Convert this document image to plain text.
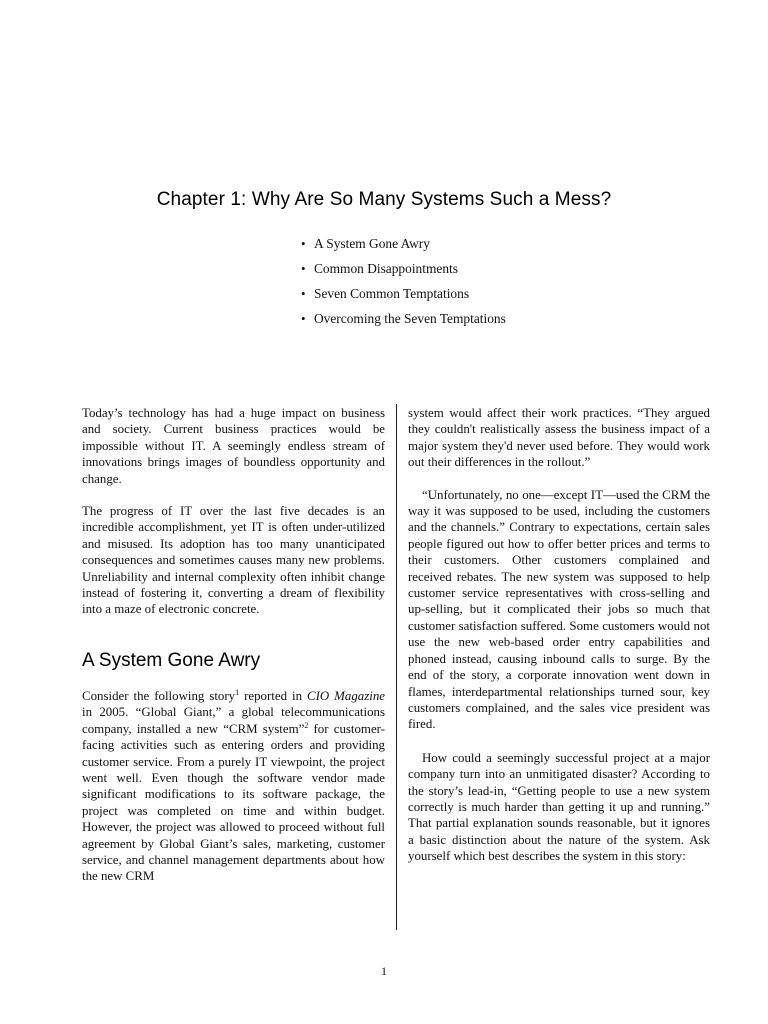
Chapter 1: Why Are So Many Systems Such a Mess?
• A System Gone Awry
• Common Disappointments
• Seven Common Temptations
• Overcoming the Seven Temptations

Today’s technology has had a huge impact on business and society. Current business practices would be impossible without IT. A seemingly endless stream of innovations brings images of boundless opportunity and change.

The progress of IT over the last five decades is an incredible accomplishment, yet IT is often under-utilized and misused. Its adoption has too many unanticipated consequences and sometimes causes many new problems. Unreliability and internal complexity often inhibit change instead of fostering it, converting a dream of flexibility into a maze of electronic concrete.

A System Gone Awry

Consider the following story$^1$ reported in CIO Magazine in 2005. “Global Giant,” a global telecommunications company, installed a new “CRM system”$^2$ for customer-facing activities such as entering orders and providing customer service. From a purely IT viewpoint, the project went well. Even though the software vendor made significant modifications to its software package, the project was completed on time and within budget. However, the project was allowed to proceed without full agreement by Global Giant’s sales, marketing, customer service, and channel management departments about how the new CRM

system would affect their work practices. “They argued they couldn't realistically assess the business impact of a major system they'd never used before. They would work out their differences in the rollout.”

“Unfortunately, no one—except IT—used the CRM the way it was supposed to be used, including the customers and the channels.” Contrary to expectations, certain sales people figured out how to offer better prices and terms to their customers. Other customers complained and received rebates. The new system was supposed to help customer service representatives with cross-selling and up-selling, but it complicated their jobs so much that customer satisfaction suffered. Some customers would not use the new web-based order entry capabilities and phoned instead, causing inbound calls to surge. By the end of the story, a corporate innovation went down in flames, interdepartmental relationships turned sour, key customers complained, and the sales vice president was fired.

How could a seemingly successful project at a major company turn into an unmitigated disaster? According to the story’s lead-in, “Getting people to use a new system correctly is much harder than getting it up and running.” That partial explanation sounds reasonable, but it ignores a basic distinction about the nature of the system. Ask yourself which best describes the system in this story:

1
